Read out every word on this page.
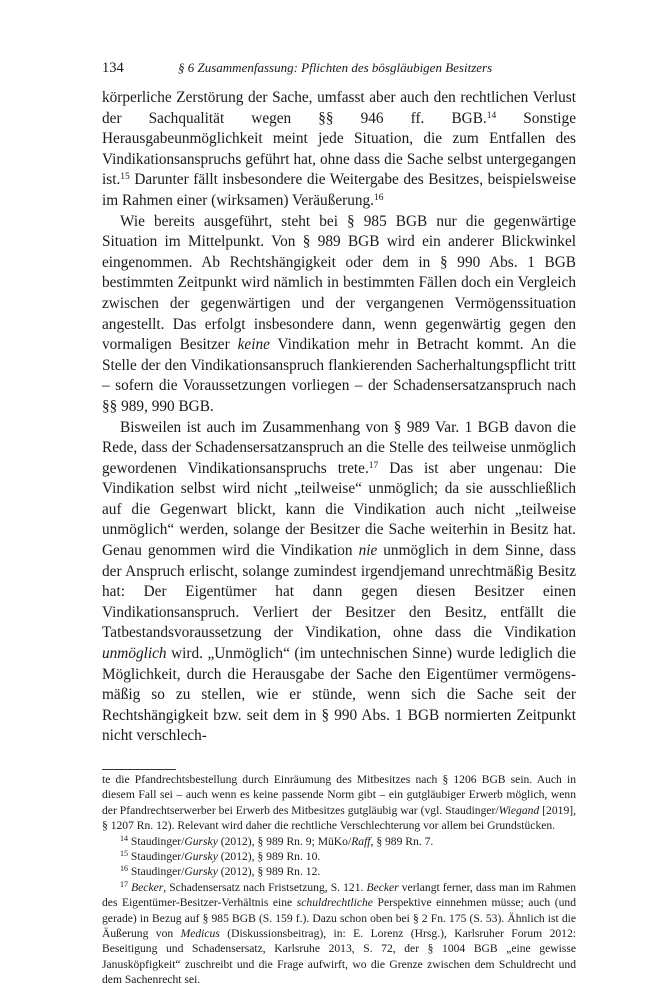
134	§ 6 Zusammenfassung: Pflichten des bösgläubigen Besitzers

körperliche Zerstörung der Sache, umfasst aber auch den rechtlichen Verlust der Sachqualität wegen §§ 946 ff. BGB.$^{14}$ Sonstige Herausgabeunmöglichkeit meint jede Situation, die zum Entfallen des Vindikationsanspruchs geführt hat, ohne dass die Sache selbst untergegangen ist.$^{15}$ Darunter fällt insbesondere die Weitergabe des Besitzes, beispielsweise im Rahmen einer (wirksamen) Veräußerung.$^{16}$

Wie bereits ausgeführt, steht bei § 985 BGB nur die gegenwärtige Situation im Mittelpunkt. Von § 989 BGB wird ein anderer Blickwinkel eingenommen. Ab Rechtshängigkeit oder dem in § 990 Abs. 1 BGB bestimmten Zeitpunkt wird nämlich in bestimmten Fällen doch ein Vergleich zwischen der gegenwärtigen und der vergangenen Vermögenssituation angestellt. Das erfolgt insbesondere dann, wenn gegenwärtig gegen den vormaligen Besitzer keine Vindikation mehr in Betracht kommt. An die Stelle der den Vindikationsanspruch flankierenden Sacherhaltungspflicht tritt – sofern die Voraussetzungen vorliegen – der Schadensersatzanspruch nach §§ 989, 990 BGB.

Bisweilen ist auch im Zusammenhang von § 989 Var. 1 BGB davon die Rede, dass der Schadensersatzanspruch an die Stelle des teilweise unmöglich gewordenen Vindikationsanspruchs trete.$^{17}$ Das ist aber ungenau: Die Vindikation selbst wird nicht „teilweise“ unmöglich; da sie ausschließlich auf die Gegenwart blickt, kann die Vindikation auch nicht „teilweise unmöglich“ werden, solange der Besitzer die Sache weiterhin in Besitz hat. Genau genommen wird die Vindikation nie unmöglich in dem Sinne, dass der Anspruch erlischt, solange zumindest irgendjemand unrechtmäßig Besitz hat: Der Eigentümer hat dann gegen diesen Besitzer einen Vindikationsanspruch. Verliert der Besitzer den Besitz, entfällt die Tatbestandsvoraussetzung der Vindikation, ohne dass die Vindikation unmöglich wird. „Unmöglich“ (im untechnischen Sinne) wurde lediglich die Möglichkeit, durch die Herausgabe der Sache den Eigentümer vermögensmäßig so zu stellen, wie er stünde, wenn sich die Sache seit der Rechtshängigkeit bzw. seit dem in § 990 Abs. 1 BGB normierten Zeitpunkt nicht verschlech-

te die Pfandrechtsbestellung durch Einräumung des Mitbesitzes nach § 1206 BGB sein. Auch in diesem Fall sei – auch wenn es keine passende Norm gibt – ein gutgläubiger Erwerb möglich, wenn der Pfandrechtserwerber bei Erwerb des Mitbesitzes gutgläubig war (vgl. Staudinger/Wiegand [2019], § 1207 Rn. 12). Relevant wird daher die rechtliche Verschlechterung vor allem bei Grundstücken.

$^{14}$ Staudinger/Gursky (2012), § 989 Rn. 9; MüKo/Raff, § 989 Rn. 7.

$^{15}$ Staudinger/Gursky (2012), § 989 Rn. 10.

$^{16}$ Staudinger/Gursky (2012), § 989 Rn. 12.

$^{17}$ Becker, Schadensersatz nach Fristsetzung, S. 121. Becker verlangt ferner, dass man im Rahmen des Eigentümer-Besitzer-Verhältnis eine schuldrechtliche Perspektive einnehmen müsse; auch (und gerade) in Bezug auf § 985 BGB (S. 159 f.). Dazu schon oben bei § 2 Fn. 175 (S. 53). Ähnlich ist die Äußerung von Medicus (Diskussionsbeitrag), in: E. Lorenz (Hrsg.), Karlsruher Forum 2012: Beseitigung und Schadensersatz, Karlsruhe 2013, S. 72, der § 1004 BGB „eine gewisse Janusköpfigkeit“ zuschreibt und die Frage aufwirft, wo die Grenze zwischen dem Schuldrecht und dem Sachenrecht sei.
